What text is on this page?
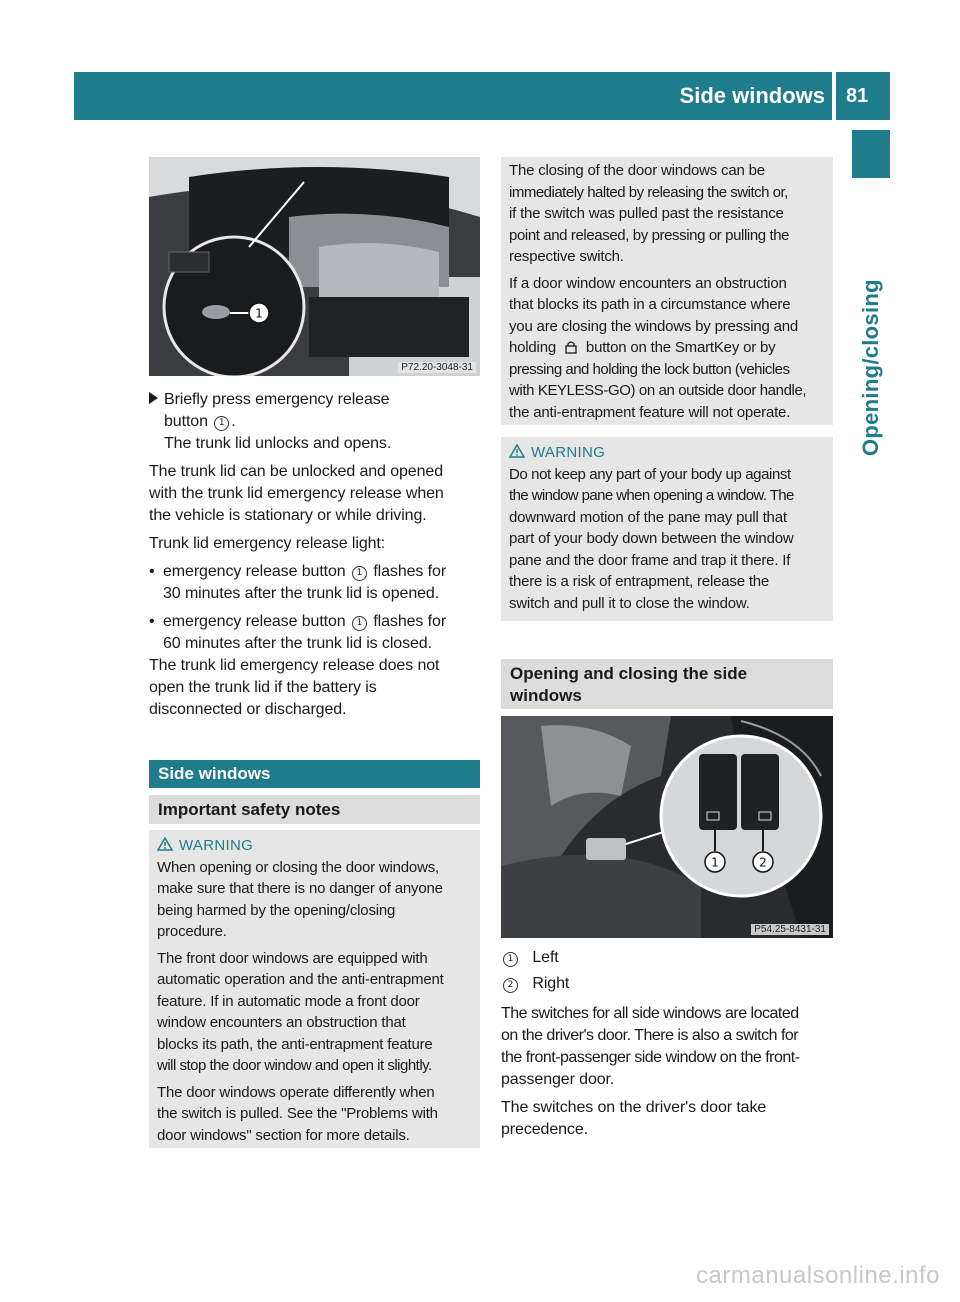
Side windows 81
Opening/closing
1
P72.20-3048-31
Briefly press emergency release
button 1 .
The trunk lid unlocks and opens.
The trunk lid can be unlocked and opened
with the trunk lid emergency release when
the vehicle is stationary or while driving.
Trunk lid emergency release light:
• emergency release button 1 flashes for
30 minutes after the trunk lid is opened.
• emergency release button 1 flashes for
60 minutes after the trunk lid is closed.
The trunk lid emergency release does not
open the trunk lid if the battery is
disconnected or discharged.
Side windows
Important safety notes
WARNING
When opening or closing the door windows,
make sure that there is no danger of anyone
being harmed by the opening/closing
procedure.
The front door windows are equipped with
automatic operation and the anti-entrapment
feature. If in automatic mode a front door
window encounters an obstruction that
blocks its path, the anti-entrapment feature
will stop the door window and open it slightly.
The door windows operate differently when
the switch is pulled. See the "Problems with
door windows" section for more details.
The closing of the door windows can be
immediately halted by releasing the switch or,
if the switch was pulled past the resistance
point and released, by pressing or pulling the
respective switch.
If a door window encounters an obstruction
that blocks its path in a circumstance where
you are closing the windows by pressing and
holding button on the SmartKey or by
pressing and holding the lock button (vehicles
with KEYLESS-GO) on an outside door handle,
the anti-entrapment feature will not operate.
WARNING
Do not keep any part of your body up against
the window pane when opening a window. The
downward motion of the pane may pull that
part of your body down between the window
pane and the door frame and trap it there. If
there is a risk of entrapment, release the
switch and pull it to close the window.
Opening and closing the side
windows
1	2
P54.25-8431-31
1 Left
2 Right
The switches for all side windows are located
on the driver's door. There is also a switch for
the front-passenger side window on the front-
passenger door.
The switches on the driver's door take
precedence.
carmanualsonline.info
